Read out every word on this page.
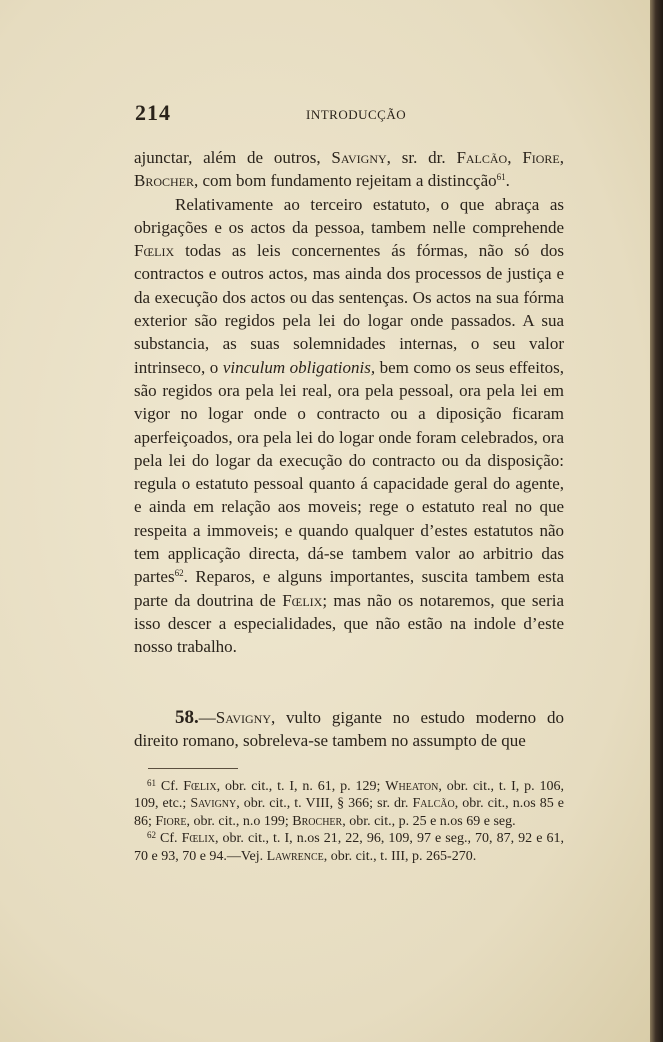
214	INTRODUCÇÃO

ajunctar, além de outros, Savigny, sr. dr. Falcão, Fiore, Brocher, com bom fundamento rejeitam a distincção$^{61}$.

Relativamente ao terceiro estatuto, o que abraça as obrigações e os actos da pessoa, tambem nelle comprehende Fœlix todas as leis concernentes ás fórmas, não só dos contractos e outros actos, mas ainda dos processos de justiça e da execução dos actos ou das sentenças. Os actos na sua fórma exterior são regidos pela lei do logar onde passados. A sua substancia, as suas solemnidades internas, o seu valor intrinseco, o vinculum obligationis, bem como os seus effeitos, são regidos ora pela lei real, ora pela pessoal, ora pela lei em vigor no logar onde o contracto ou a diposição ficaram aperfeiçoados, ora pela lei do logar onde foram celebrados, ora pela lei do logar da execução do contracto ou da disposição: regula o estatuto pessoal quanto á capacidade geral do agente, e ainda em relação aos moveis; rege o estatuto real no que respeita a immoveis; e quando qualquer d’estes estatutos não tem applicação directa, dá-se tambem valor ao arbitrio das partes$^{62}$. Reparos, e alguns importantes, suscita tambem esta parte da doutrina de Fœlix; mas não os notaremos, que seria isso descer a especialidades, que não estão na indole d’este nosso trabalho.

58.—Savigny, vulto gigante no estudo moderno do direito romano, sobreleva-se tambem no assumpto de que

$^{61}$ Cf. Fœlix, obr. cit., t. I, n. 61, p. 129; Wheaton, obr. cit., t. I, p. 106, 109, etc.; Savigny, obr. cit., t. VIII, § 366; sr. dr. Falcão, obr. cit., n.os 85 e 86; Fiore, obr. cit., n.o 199; Brocher, obr. cit., p. 25 e n.os 69 e seg.

$^{62}$ Cf. Fœlix, obr. cit., t. I, n.os 21, 22, 96, 109, 97 e seg., 70, 87, 92 e 61, 70 e 93, 70 e 94.—Vej. Lawrence, obr. cit., t. III, p. 265-270.
